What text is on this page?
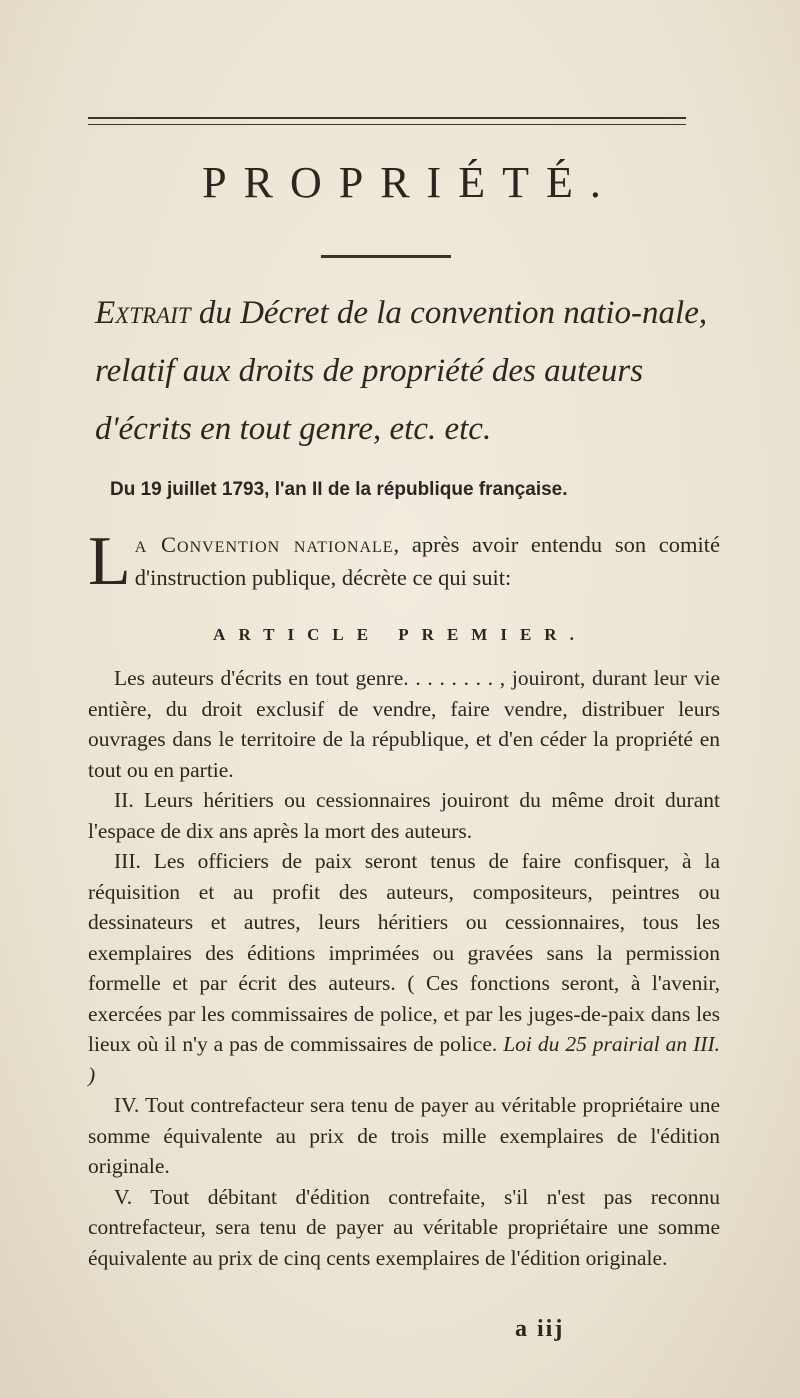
PROPRIÉTÉ.

Extrait du Décret de la convention natio-nale, relatif aux droits de propriété des auteurs d'écrits en tout genre, etc. etc.

Du 19 juillet 1793, l'an II de la république française.

La Convention nationale, après avoir entendu son comité d'instruction publique, décrète ce qui suit:

ARTICLE PREMIER.

Les auteurs d'écrits en tout genre. . . . . . . . , jouiront, durant leur vie entière, du droit exclusif de vendre, faire vendre, distribuer leurs ouvrages dans le territoire de la république, et d'en céder la propriété en tout ou en partie.

II. Leurs héritiers ou cessionnaires jouiront du même droit durant l'espace de dix ans après la mort des auteurs.

III. Les officiers de paix seront tenus de faire confisquer, à la réquisition et au profit des auteurs, compositeurs, peintres ou dessinateurs et autres, leurs héritiers ou cessionnaires, tous les exemplaires des éditions imprimées ou gravées sans la permission formelle et par écrit des auteurs. ( Ces fonctions seront, à l'avenir, exercées par les commissaires de police, et par les juges-de-paix dans les lieux où il n'y a pas de commissaires de police. Loi du 25 prairial an III. )

IV. Tout contrefacteur sera tenu de payer au véritable propriétaire une somme équivalente au prix de trois mille exemplaires de l'édition originale.

V. Tout débitant d'édition contrefaite, s'il n'est pas reconnu contrefacteur, sera tenu de payer au véritable propriétaire une somme équivalente au prix de cinq cents exemplaires de l'édition originale.

a iij
